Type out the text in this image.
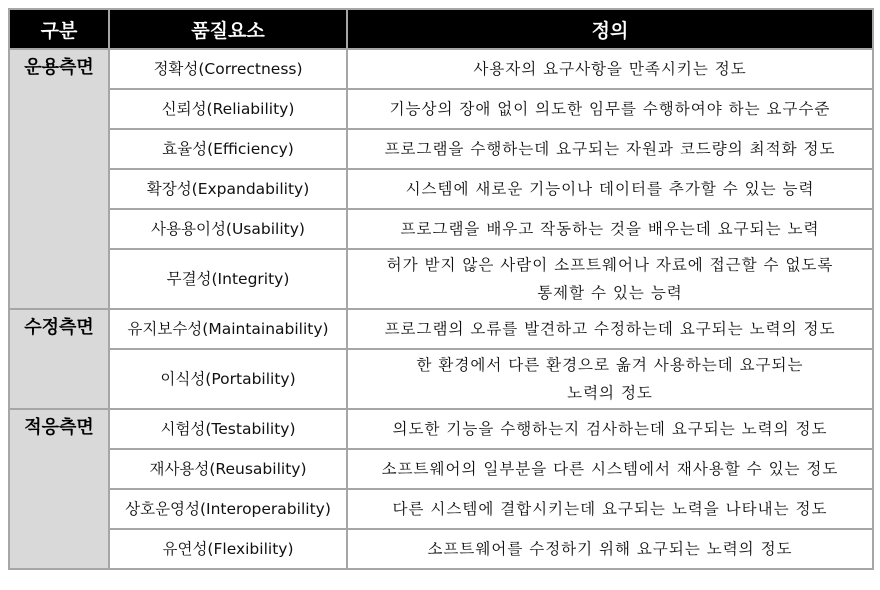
구분	품질요소	정의
운용측면	정확성(Correctness)	사용자의 요구사항을 만족시키는 정도
	신뢰성(Reliability)	기능상의 장애 없이 의도한 임무를 수행하여야 하는 요구수준
	효율성(Efficiency)	프로그램을 수행하는데 요구되는 자원과 코드량의 최적화 정도
	확장성(Expandability)	시스템에 새로운 기능이나 데이터를 추가할 수 있는 능력
	사용용이성(Usability)	프로그램을 배우고 작동하는 것을 배우는데 요구되는 노력
	무결성(Integrity)	허가 받지 않은 사람이 소프트웨어나 자료에 접근할 수 없도록
통제할 수 있는 능력

수정측면	유지보수성(Maintainability)	프로그램의 오류를 발견하고 수정하는데 요구되는 노력의 정도
	이식성(Portability)	한 환경에서 다른 환경으로 옮겨 사용하는데 요구되는
노력의 정도

적응측면	시험성(Testability)	의도한 기능을 수행하는지 검사하는데 요구되는 노력의 정도
	재사용성(Reusability)	소프트웨어의 일부분을 다른 시스템에서 재사용할 수 있는 정도
	상호운영성(Interoperability)	다른 시스템에 결합시키는데 요구되는 노력을 나타내는 정도
	유연성(Flexibility)	소프트웨어를 수정하기 위해 요구되는 노력의 정도
